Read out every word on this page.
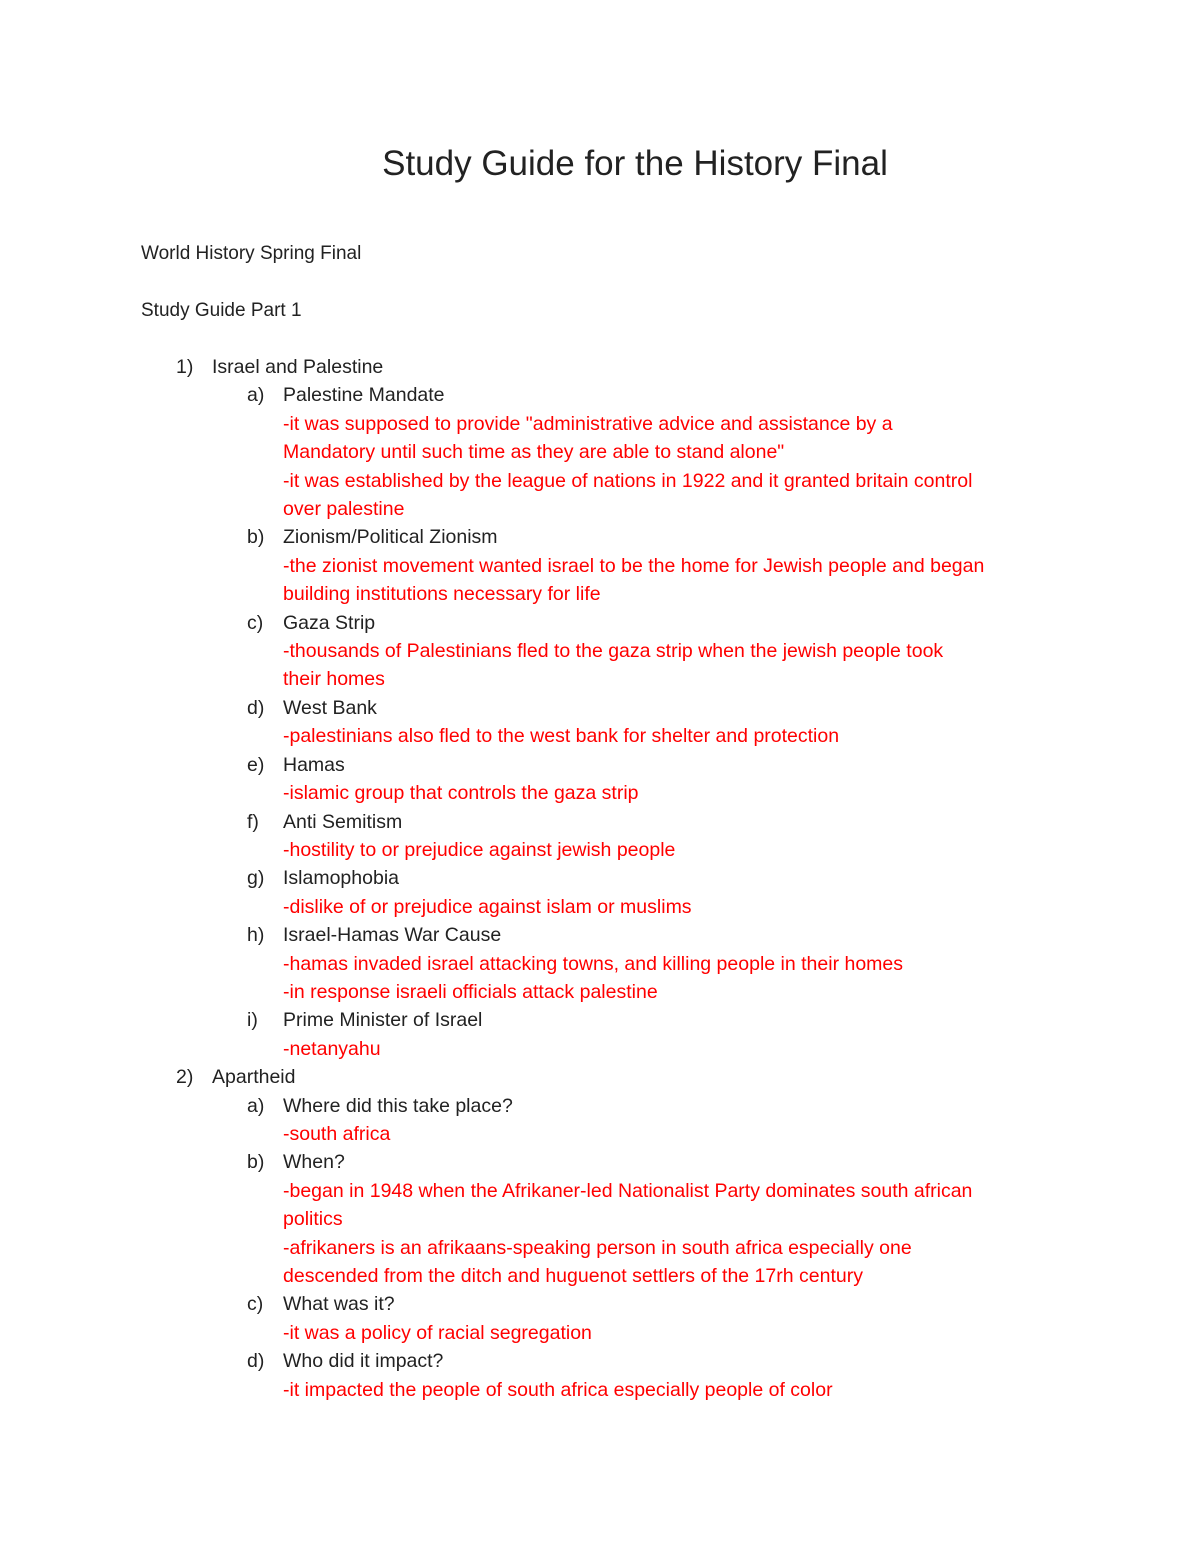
Study Guide for the History Final
World History Spring Final
Study Guide Part 1
1) Israel and Palestine
a) Palestine Mandate
-it was supposed to provide "administrative advice and assistance by a
Mandatory until such time as they are able to stand alone"
-it was established by the league of nations in 1922 and it granted britain control
over palestine
b) Zionism/Political Zionism
-the zionist movement wanted israel to be the home for Jewish people and began
building institutions necessary for life
c) Gaza Strip
-thousands of Palestinians fled to the gaza strip when the jewish people took
their homes
d) West Bank
-palestinians also fled to the west bank for shelter and protection
e) Hamas
-islamic group that controls the gaza strip
f) Anti Semitism
-hostility to or prejudice against jewish people
g) Islamophobia
-dislike of or prejudice against islam or muslims
h) Israel-Hamas War Cause
-hamas invaded israel attacking towns, and killing people in their homes
-in response israeli officials attack palestine
i) Prime Minister of Israel
-netanyahu
2) Apartheid
a) Where did this take place?
-south africa
b) When?
-began in 1948 when the Afrikaner-led Nationalist Party dominates south african
politics
-afrikaners is an afrikaans-speaking person in south africa especially one
descended from the ditch and huguenot settlers of the 17rh century
c) What was it?
-it was a policy of racial segregation
d) Who did it impact?
-it impacted the people of south africa especially people of color
